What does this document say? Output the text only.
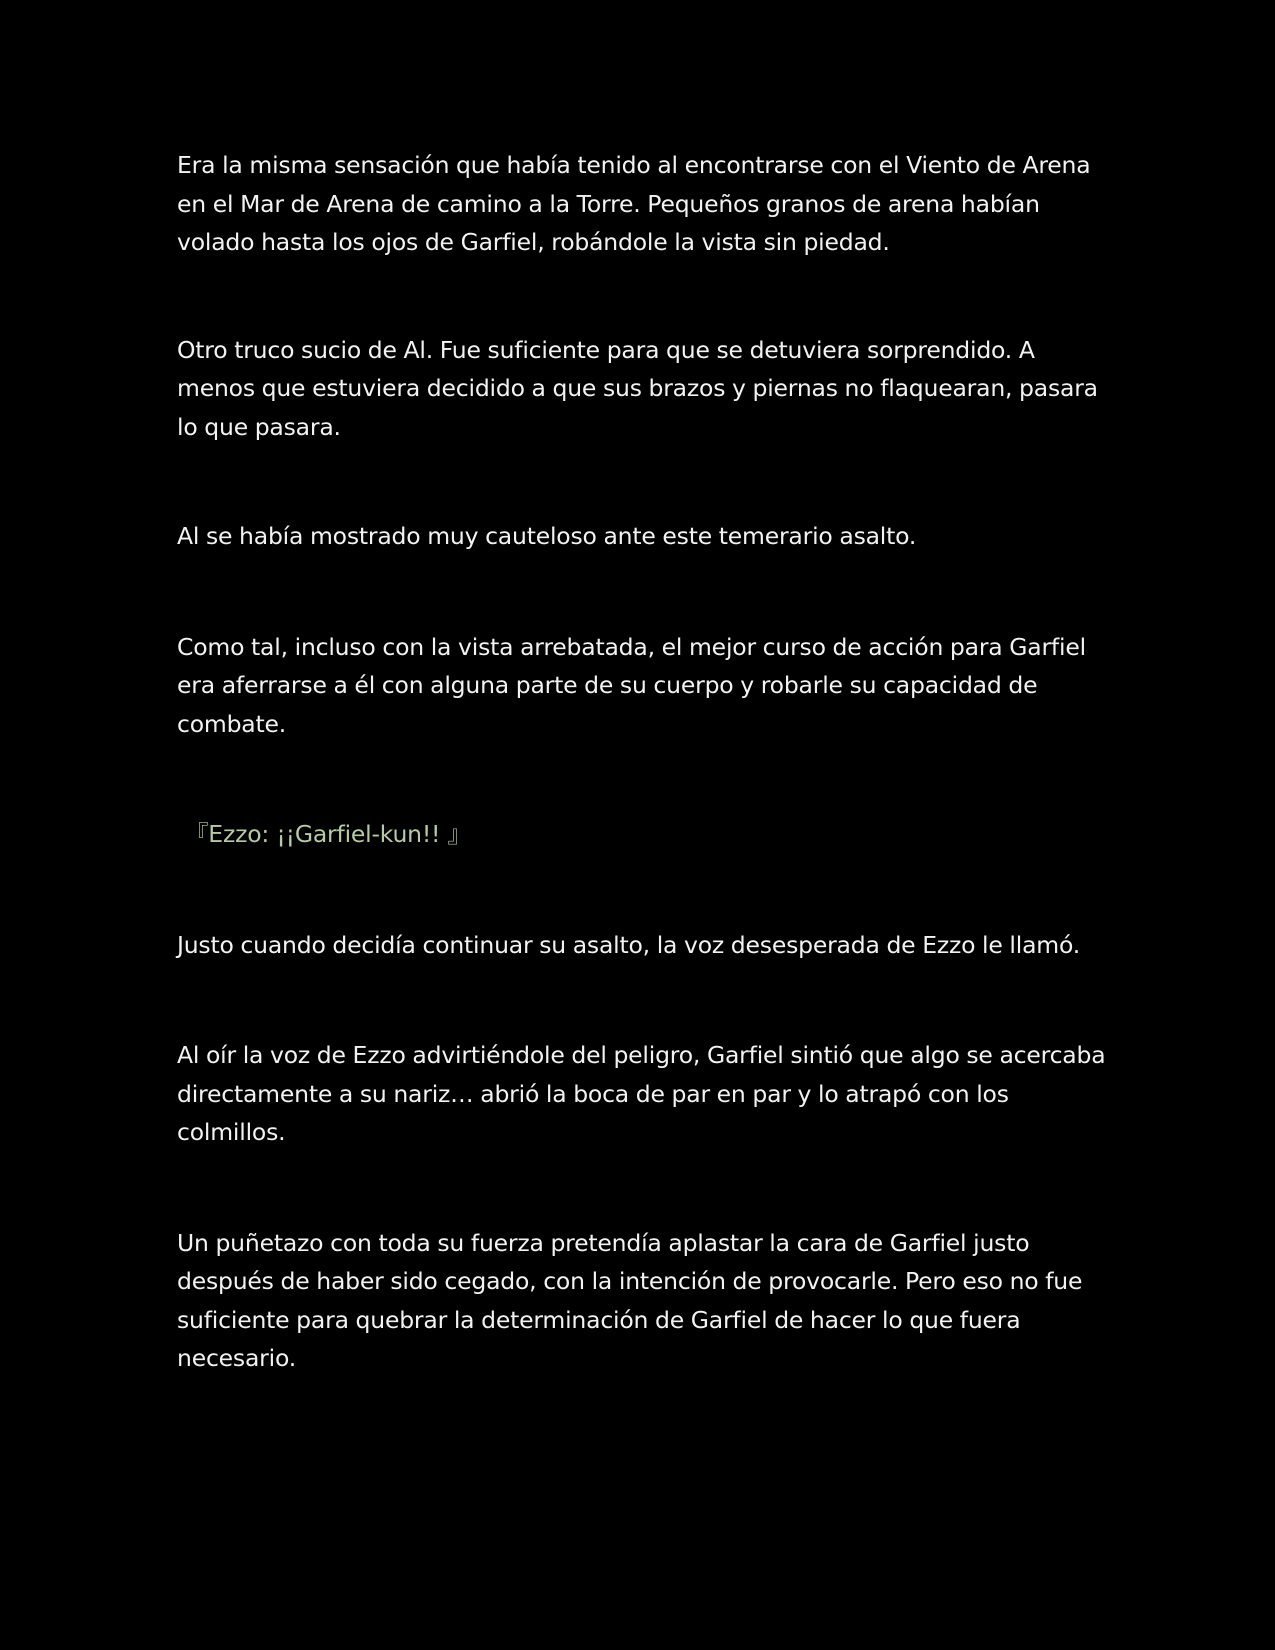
Era la misma sensación que había tenido al encontrarse con el Viento de Arena en el Mar de Arena de camino a la Torre. Pequeños granos de arena habían volado hasta los ojos de Garfiel, robándole la vista sin piedad.

Otro truco sucio de Al. Fue suficiente para que se detuviera sorprendido. A menos que estuviera decidido a que sus brazos y piernas no flaquearan, pasara lo que pasara.

Al se había mostrado muy cauteloso ante este temerario asalto.

Como tal, incluso con la vista arrebatada, el mejor curso de acción para Garfiel era aferrarse a él con alguna parte de su cuerpo y robarle su capacidad de combate.

『Ezzo: ¡¡Garfiel-kun!! 』

Justo cuando decidía continuar su asalto, la voz desesperada de Ezzo le llamó.

Al oír la voz de Ezzo advirtiéndole del peligro, Garfiel sintió que algo se acercaba directamente a su nariz… abrió la boca de par en par y lo atrapó con los colmillos.

Un puñetazo con toda su fuerza pretendía aplastar la cara de Garfiel justo después de haber sido cegado, con la intención de provocarle. Pero eso no fue suficiente para quebrar la determinación de Garfiel de hacer lo que fuera necesario.
